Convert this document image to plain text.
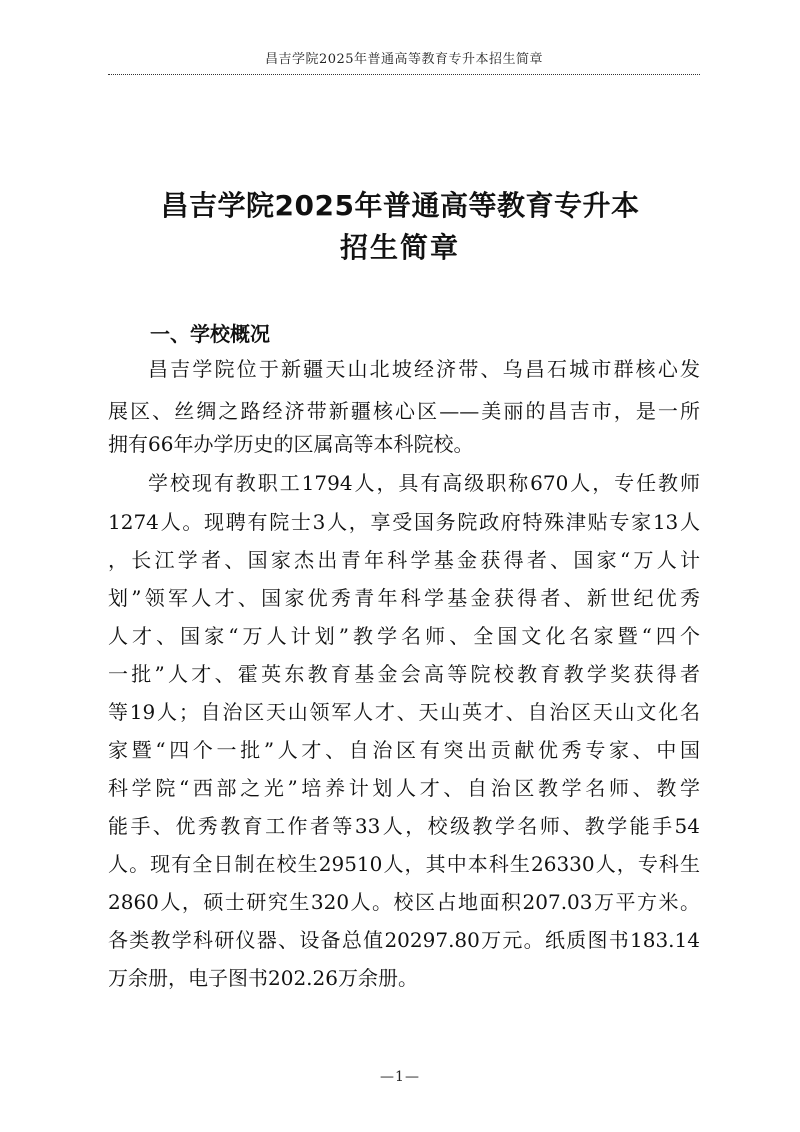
昌吉学院2025年普通高等教育专升本招生简章
昌吉学院2025年普通高等教育专升本
招生简章
一、学校概况
昌吉学院位于新疆天山北坡经济带、乌昌石城市群核心发
展区、丝绸之路经济带新疆核心区——美丽的昌吉市，是一所
拥有66年办学历史的区属高等本科院校。
学校现有教职工1794人，具有高级职称670人，专任教师
1274人。现聘有院士3人，享受国务院政府特殊津贴专家13人
，长江学者、国家杰出青年科学基金获得者、国家“万人计
划”领军人才、国家优秀青年科学基金获得者、新世纪优秀
人才、国家“万人计划”教学名师、全国文化名家暨“四个
一批”人才、霍英东教育基金会高等院校教育教学奖获得者
等19人；自治区天山领军人才、天山英才、自治区天山文化名
家暨“四个一批”人才、自治区有突出贡献优秀专家、中国
科学院“西部之光”培养计划人才、自治区教学名师、教学
能手、优秀教育工作者等33人，校级教学名师、教学能手54
人。现有全日制在校生29510人，其中本科生26330人，专科生
2860人，硕士研究生320人。校区占地面积207.03万平方米。
各类教学科研仪器、设备总值20297.80万元。纸质图书183.14
万余册，电子图书202.26万余册。
—1—
